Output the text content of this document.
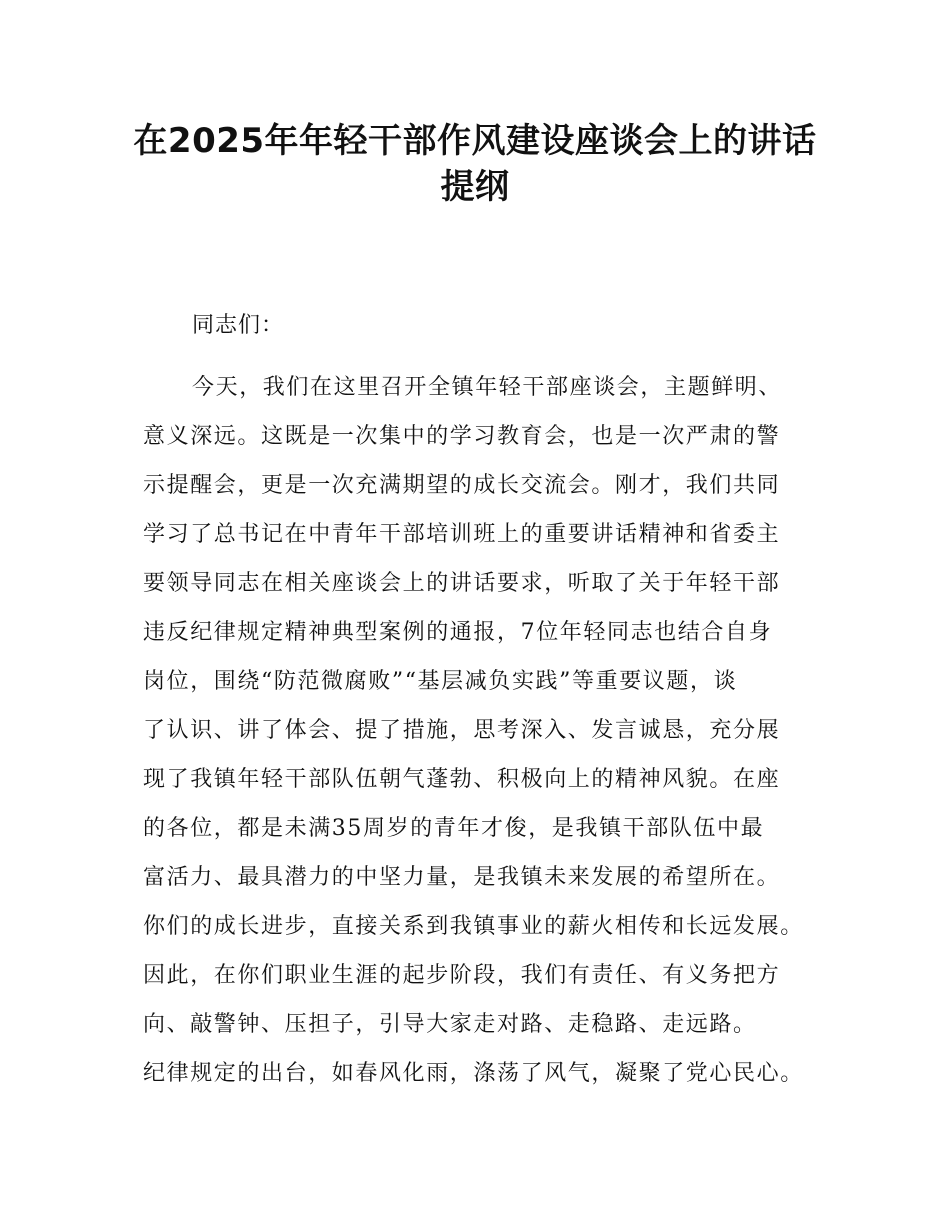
在2025年年轻干部作风建设座谈会上的讲话
提纲
同志们：
今天，我们在这里召开全镇年轻干部座谈会，主题鲜明、
意义深远。这既是一次集中的学习教育会，也是一次严肃的警
示提醒会，更是一次充满期望的成长交流会。刚才，我们共同
学习了总书记在中青年干部培训班上的重要讲话精神和省委主
要领导同志在相关座谈会上的讲话要求，听取了关于年轻干部
违反纪律规定精神典型案例的通报，7位年轻同志也结合自身
岗位，围绕“防范微腐败”“基层减负实践”等重要议题，谈
了认识、讲了体会、提了措施，思考深入、发言诚恳，充分展
现了我镇年轻干部队伍朝气蓬勃、积极向上的精神风貌。在座
的各位，都是未满35周岁的青年才俊，是我镇干部队伍中最
富活力、最具潜力的中坚力量，是我镇未来发展的希望所在。
你们的成长进步，直接关系到我镇事业的薪火相传和长远发展。
因此，在你们职业生涯的起步阶段，我们有责任、有义务把方
向、敲警钟、压担子，引导大家走对路、走稳路、走远路。
纪律规定的出台，如春风化雨，涤荡了风气，凝聚了党心民心。
